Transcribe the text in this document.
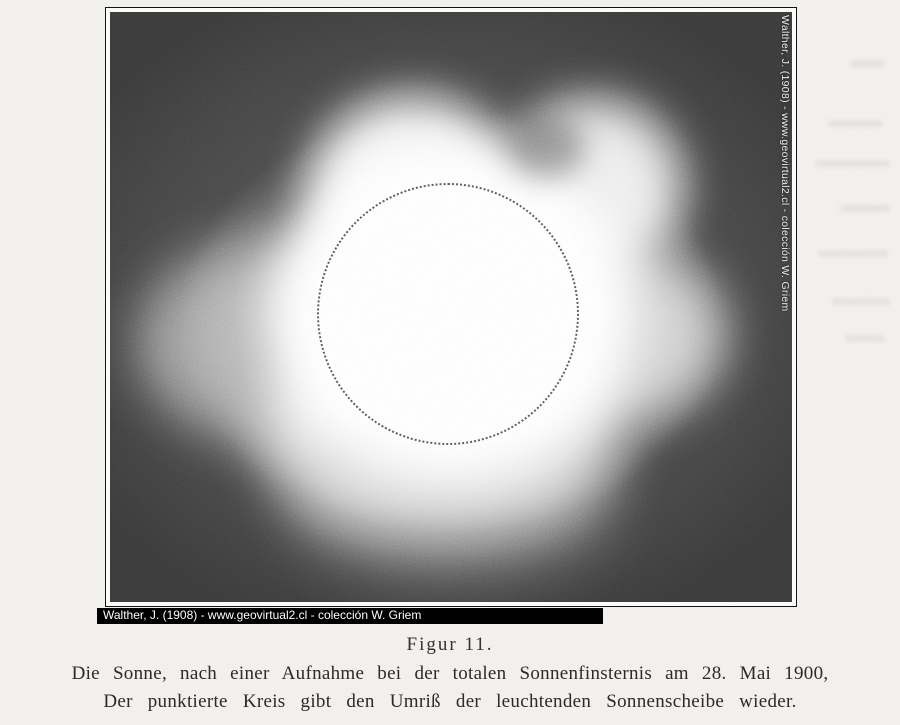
Walther, J. (1908) - www.geovirtual2.cl - colección W. Griem
Walther, J. (1908) - www.geovirtual2.cl - colección W. Griem
Figur 11.
Die Sonne, nach einer Aufnahme bei der totalen Sonnenfinsternis am 28. Mai 1900,
Der punktierte Kreis gibt den Umriß der leuchtenden Sonnenscheibe wieder.
